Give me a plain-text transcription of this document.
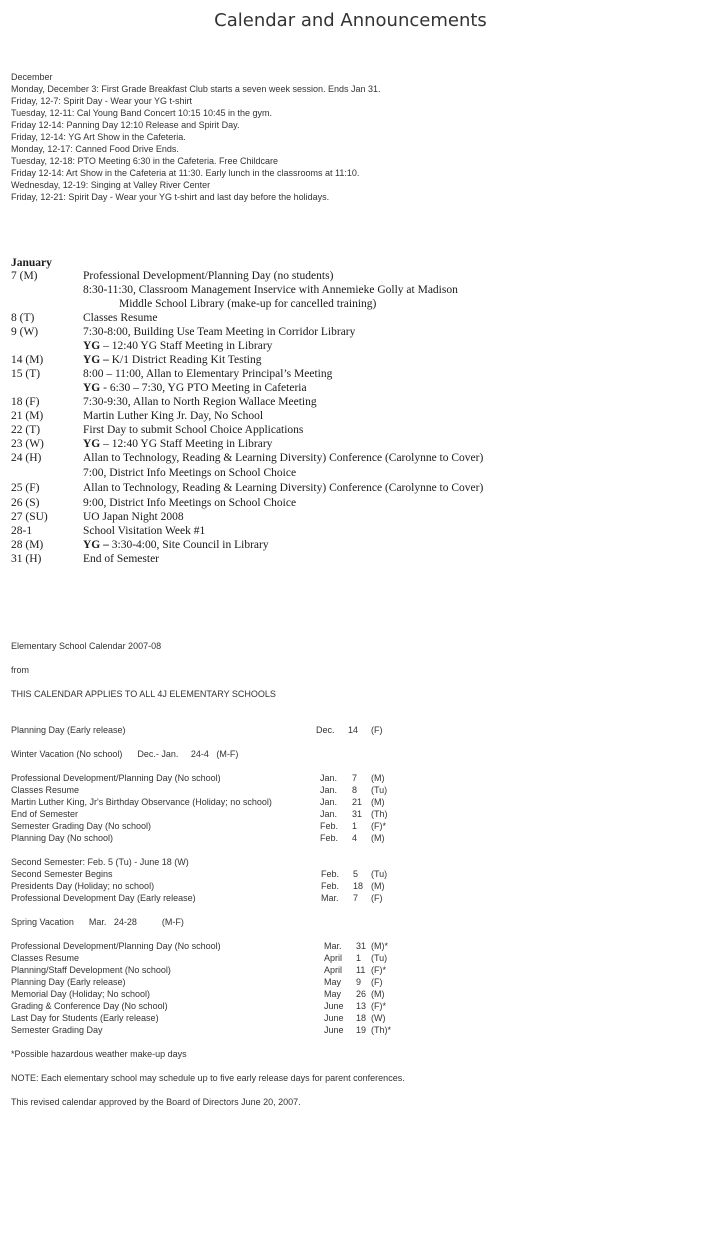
Calendar and Announcements
December
Monday, December 3: First Grade Breakfast Club starts a seven week session. Ends Jan 31.
Friday, 12-7: Spirit Day - Wear your YG t-shirt
Tuesday, 12-11: Cal Young Band Concert 10:15 10:45 in the gym.
Friday 12-14: Panning Day 12:10 Release and Spirit Day.
Friday, 12-14: YG Art Show in the Cafeteria.
Monday, 12-17: Canned Food Drive Ends.
Tuesday, 12-18: PTO Meeting 6:30 in the Cafeteria. Free Childcare
Friday 12-14: Art Show in the Cafeteria at 11:30. Early lunch in the classrooms at 11:10.
Wednesday, 12-19: Singing at Valley River Center
Friday, 12-21: Spirit Day - Wear your YG t-shirt and last day before the holidays.
January
7 (M)	Professional Development/Planning Day (no students)
8:30-11:30, Classroom Management Inservice with Annemieke Golly at Madison
Middle School Library (make-up for cancelled training)
8 (T)	Classes Resume
9 (W)	7:30-8:00, Building Use Team Meeting in Corridor Library
YG – 12:40 YG Staff Meeting in Library
14 (M)	YG – K/1 District Reading Kit Testing
15 (T)	8:00 – 11:00, Allan to Elementary Principal’s Meeting
YG - 6:30 – 7:30, YG PTO Meeting in Cafeteria
18 (F)	7:30-9:30, Allan to North Region Wallace Meeting
21 (M)	Martin Luther King Jr. Day, No School
22 (T)	First Day to submit School Choice Applications
23 (W)	YG – 12:40 YG Staff Meeting in Library
24 (H)	Allan to Technology, Reading & Learning Diversity) Conference (Carolynne to Cover)
7:00, District Info Meetings on School Choice
25 (F)	Allan to Technology, Reading & Learning Diversity) Conference (Carolynne to Cover)
26 (S)	9:00, District Info Meetings on School Choice
27 (SU)	UO Japan Night 2008
28-1	School Visitation Week #1
28 (M)	YG – 3:30-4:00, Site Council in Library
31 (H)	End of Semester
Elementary School Calendar 2007-08
from
THIS CALENDAR APPLIES TO ALL 4J ELEMENTARY SCHOOLS
Planning Day (Early release)	Dec. 14 (F)
Winter Vacation (No school)      Dec.- Jan.     24-4   (M-F)
Professional Development/Planning Day (No school)	Jan. 7 (M)
Classes Resume	Jan. 8 (Tu)
Martin Luther King, Jr's Birthday Observance (Holiday; no school)	Jan. 21 (M)
End of Semester	Jan. 31 (Th)
Semester Grading Day (No school)	Feb. 1 (F)*
Planning Day (No school)	Feb. 4 (M)
Second Semester: Feb. 5 (Tu) - June 18 (W)
Second Semester Begins	Feb. 5 (Tu)
Presidents Day (Holiday; no school)	Feb. 18 (M)
Professional Development Day (Early release)	Mar. 7 (F)
Spring Vacation      Mar.   24-28          (M-F)
Professional Development/Planning Day (No school)	Mar. 31 (M)*
Classes Resume	April 1 (Tu)
Planning/Staff Development (No school)	April 11 (F)*
Planning Day (Early release)	May 9 (F)
Memorial Day (Holiday; No school)	May 26 (M)
Grading & Conference Day (No school)	June 13 (F)*
Last Day for Students (Early release)	June 18 (W)
Semester Grading Day	June 19 (Th)*
*Possible hazardous weather make-up days
NOTE: Each elementary school may schedule up to five early release days for parent conferences.
This revised calendar approved by the Board of Directors June 20, 2007.
